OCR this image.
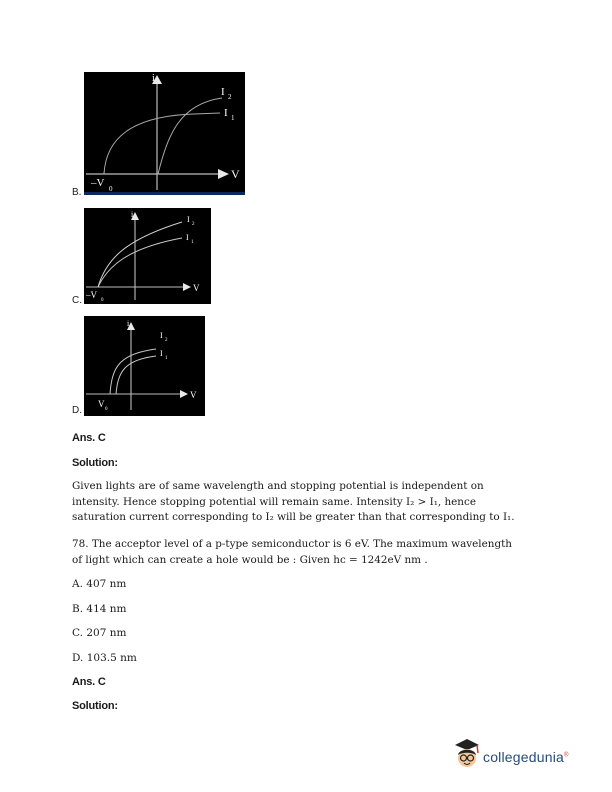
B.
i
I 2
I 1
V
–V 0
C.
i
I
2
I
1
V
–V
0
D.
i
I
2
I
1
V
V
0
Ans. C
Solution:
Given lights are of same wavelength and stopping potential is independent on
intensity. Hence stopping potential will remain same. Intensity I₂ > I₁, hence
saturation current corresponding to I₂ will be greater than that corresponding to I₁.
78. The acceptor level of a p-type semiconductor is 6 eV. The maximum wavelength
of light which can create a hole would be : Given hc = 1242eV nm .
A. 407 nm
B. 414 nm
C. 207 nm
D. 103.5 nm
Ans. C
Solution:
collegedunia®
